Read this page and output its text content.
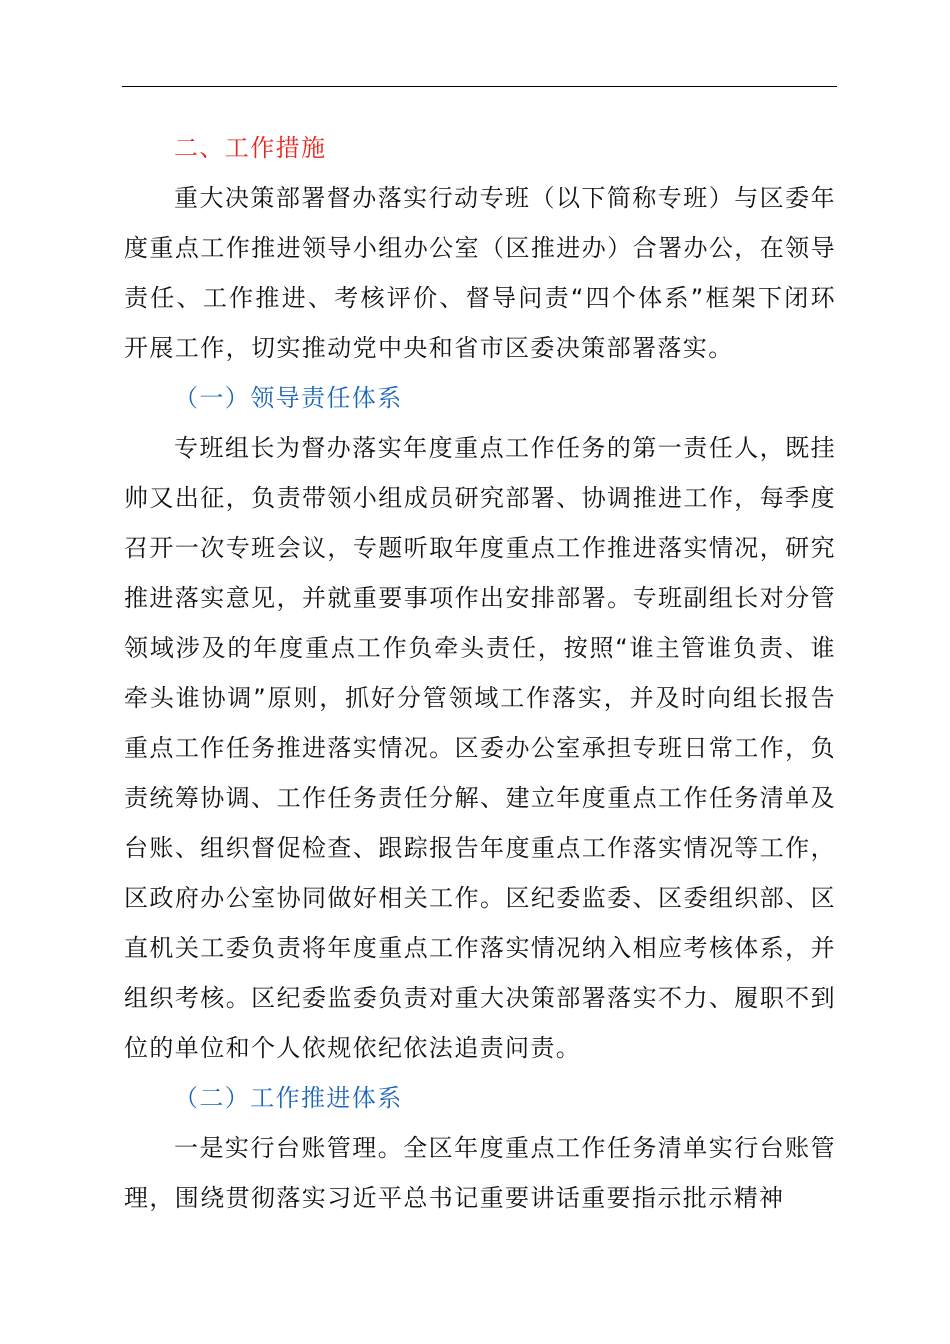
二、工作措施

重大决策部署督办落实行动专班（以下简称专班）与区委年度重点工作推进领导小组办公室（区推进办）合署办公，在领导责任、工作推进、考核评价、督导问责“四个体系”框架下闭环开展工作，切实推动党中央和省市区委决策部署落实。

（一）领导责任体系

专班组长为督办落实年度重点工作任务的第一责任人，既挂帅又出征，负责带领小组成员研究部署、协调推进工作，每季度召开一次专班会议，专题听取年度重点工作推进落实情况，研究推进落实意见，并就重要事项作出安排部署。专班副组长对分管领域涉及的年度重点工作负牵头责任，按照“谁主管谁负责、谁牵头谁协调”原则，抓好分管领域工作落实，并及时向组长报告重点工作任务推进落实情况。区委办公室承担专班日常工作，负责统筹协调、工作任务责任分解、建立年度重点工作任务清单及台账、组织督促检查、跟踪报告年度重点工作落实情况等工作，区政府办公室协同做好相关工作。区纪委监委、区委组织部、区直机关工委负责将年度重点工作落实情况纳入相应考核体系，并组织考核。区纪委监委负责对重大决策部署落实不力、履职不到位的单位和个人依规依纪依法追责问责。

（二）工作推进体系

一是实行台账管理。全区年度重点工作任务清单实行台账管理，围绕贯彻落实习近平总书记重要讲话重要指示批示精神
